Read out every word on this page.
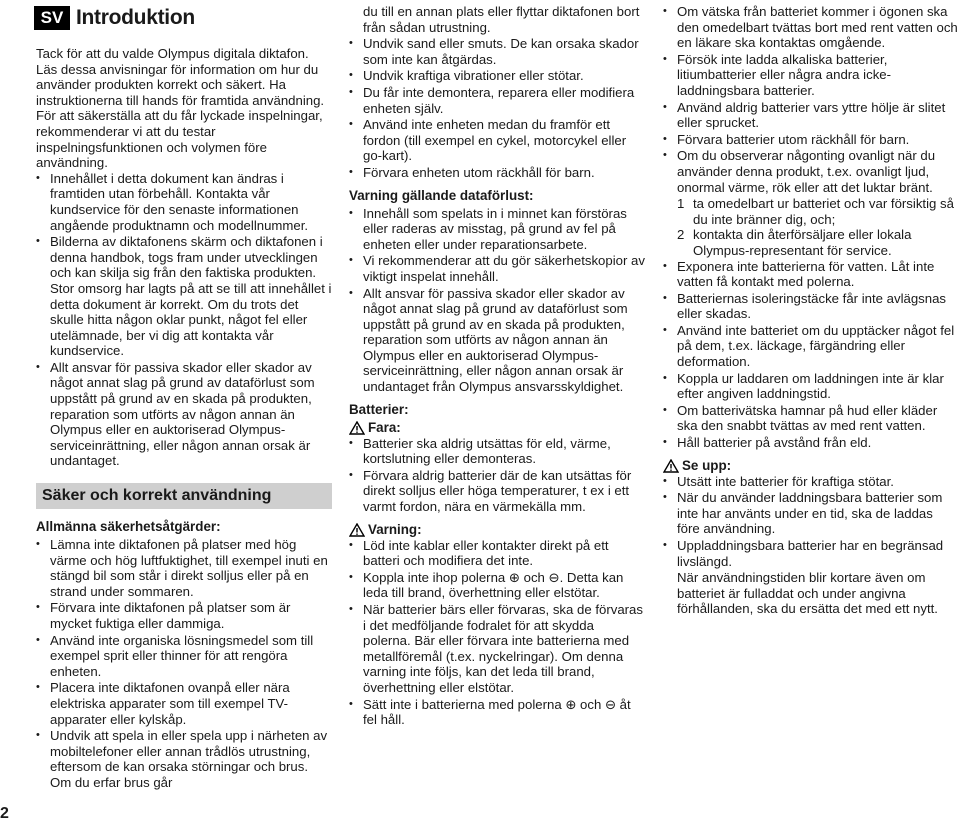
SV Introduktion

Tack för att du valde Olympus digitala diktafon. Läs dessa anvisningar för information om hur du använder produkten korrekt och säkert. Ha instruktionerna till hands för framtida användning. För att säkerställa att du får lyckade inspelningar, rekommenderar vi att du testar inspelningsfunktionen och volymen före användning.

• Innehållet i detta dokument kan ändras i framtiden utan förbehåll. Kontakta vår kundservice för den senaste informationen angående produktnamn och modellnummer.
• Bilderna av diktafonens skärm och diktafonen i denna handbok, togs fram under utvecklingen och kan skilja sig från den faktiska produkten. Stor omsorg har lagts på att se till att innehållet i detta dokument är korrekt. Om du trots det skulle hitta någon oklar punkt, något fel eller utelämnade, ber vi dig att kontakta vår kundservice.
• Allt ansvar för passiva skador eller skador av något annat slag på grund av dataförlust som uppstått på grund av en skada på produkten, reparation som utförts av någon annan än Olympus eller en auktoriserad Olympus-serviceinrättning, eller någon annan orsak är undantaget.
Säker och korrekt användning
Allmänna säkerhetsåtgärder:
• Lämna inte diktafonen på platser med hög värme och hög luftfuktighet, till exempel inuti en stängd bil som står i direkt solljus eller på en strand under sommaren.
• Förvara inte diktafonen på platser som är mycket fuktiga eller dammiga.
• Använd inte organiska lösningsmedel som till exempel sprit eller thinner för att rengöra enheten.
• Placera inte diktafonen ovanpå eller nära elektriska apparater som till exempel TV-apparater eller kylskåp.
• Undvik att spela in eller spela upp i närheten av mobiltelefoner eller annan trådlös utrustning, eftersom de kan orsaka störningar och brus. Om du erfar brus går
du till en annan plats eller flyttar diktafonen bort från sådan utrustning.
• Undvik sand eller smuts. De kan orsaka skador som inte kan åtgärdas.
• Undvik kraftiga vibrationer eller stötar.
• Du får inte demontera, reparera eller modifiera enheten själv.
• Använd inte enheten medan du framför ett fordon (till exempel en cykel, motorcykel eller go-kart).
• Förvara enheten utom räckhåll för barn.
Varning gällande dataförlust:
• Innehåll som spelats in i minnet kan förstöras eller raderas av misstag, på grund av fel på enheten eller under reparationsarbete.
• Vi rekommenderar att du gör säkerhetskopior av viktigt inspelat innehåll.
• Allt ansvar för passiva skador eller skador av något annat slag på grund av dataförlust som uppstått på grund av en skada på produkten, reparation som utförts av någon annan än Olympus eller en auktoriserad Olympus-serviceinrättning, eller någon annan orsak är undantaget från Olympus ansvarsskyldighet.
Batterier:
Fara:
• Batterier ska aldrig utsättas för eld, värme, kortslutning eller demonteras.
• Förvara aldrig batterier där de kan utsättas för direkt solljus eller höga temperaturer, t ex i ett varmt fordon, nära en värmekälla mm.
Varning:
• Löd inte kablar eller kontakter direkt på ett batteri och modifiera det inte.
• Koppla inte ihop polerna ⊕ och ⊖. Detta kan leda till brand, överhettning eller elstötar.
• När batterier bärs eller förvaras, ska de förvaras i det medföljande fodralet för att skydda polerna. Bär eller förvara inte batterierna med metallföremål (t.ex. nyckelringar). Om denna varning inte följs, kan det leda till brand, överhettning eller elstötar.
• Sätt inte i batterierna med polerna ⊕ och ⊖ åt fel håll.
• Om vätska från batteriet kommer i ögonen ska den omedelbart tvättas bort med rent vatten och en läkare ska kontaktas omgående.
• Försök inte ladda alkaliska batterier, litiumbatterier eller några andra icke-laddningsbara batterier.
• Använd aldrig batterier vars yttre hölje är slitet eller sprucket.
• Förvara batterier utom räckhåll för barn.
• Om du observerar någonting ovanligt när du använder denna produkt, t.ex. ovanligt ljud, onormal värme, rök eller att det luktar bränt.
1 ta omedelbart ur batteriet och var försiktig så du inte bränner dig, och;
2 kontakta din återförsäljare eller lokala Olympus-representant för service.
• Exponera inte batterierna för vatten. Låt inte vatten få kontakt med polerna.
• Batteriernas isoleringstäcke får inte avlägsnas eller skadas.
• Använd inte batteriet om du upptäcker något fel på dem, t.ex. läckage, färgändring eller deformation.
• Koppla ur laddaren om laddningen inte är klar efter angiven laddningstid.
• Om batterivätska hamnar på hud eller kläder ska den snabbt tvättas av med rent vatten.
• Håll batterier på avstånd från eld.
Se upp:
• Utsätt inte batterier för kraftiga stötar.
• När du använder laddningsbara batterier som inte har använts under en tid, ska de laddas före användning.
• Uppladdningsbara batterier har en begränsad livslängd.
När användningstiden blir kortare även om batteriet är fulladdat och under angivna förhållanden, ska du ersätta det med ett nytt.
2
